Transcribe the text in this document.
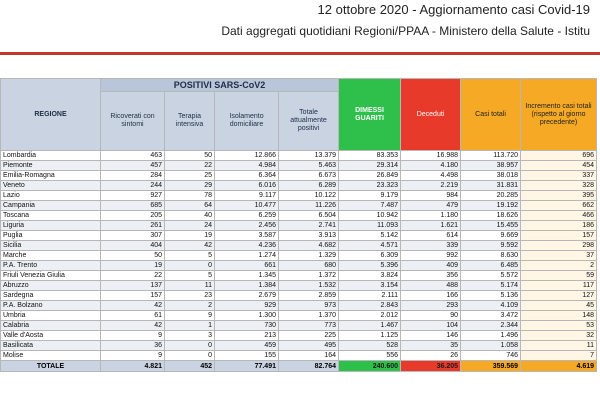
12 ottobre 2020 - Aggiornamento casi Covid-19
Dati aggregati quotidiani Regioni/PPAA - Ministero della Salute - Istitu
REGIONE	POSITIVI SARS-CoV2				DIMESSI GUARITI	Deceduti	Casi totali	Incremento casi totali (rispetto al giorno precedente)
	Ricoverati con sintomi	Terapia intensiva	Isolamento domiciliare	Totale attualmente positivi				
Lombardia	463	50	12.866	13.379	83.353	16.988	113.720	696
Piemonte	457	22	4.984	5.463	29.314	4.180	38.957	454
Emilia-Romagna	284	25	6.364	6.673	26.849	4.498	38.018	337
Veneto	244	29	6.016	6.289	23.323	2.219	31.831	328
Lazio	927	78	9.117	10.122	9.179	984	20.285	395
Campania	685	64	10.477	11.226	7.487	479	19.192	662
Toscana	205	40	6.259	6.504	10.942	1.180	18.626	466
Liguria	261	24	2.456	2.741	11.093	1.621	15.455	186
Puglia	307	19	3.587	3.913	5.142	614	9.669	157
Sicilia	404	42	4.236	4.682	4.571	339	9.592	298
Marche	50	5	1.274	1.329	6.309	992	8.630	37
P.A. Trento	19	0	661	680	5.396	409	6.485	2
Friuli Venezia Giulia	22	5	1.345	1.372	3.824	356	5.572	59
Abruzzo	137	11	1.384	1.532	3.154	488	5.174	117
Sardegna	157	23	2.679	2.859	2.111	166	5.136	127
P.A. Bolzano	42	2	929	973	2.843	293	4.109	45
Umbria	61	9	1.300	1.370	2.012	90	3.472	148
Calabria	42	1	730	773	1.467	104	2.344	53
Valle d'Aosta	9	3	213	225	1.125	146	1.496	32
Basilicata	36	0	459	495	528	35	1.058	11
Molise	9	0	155	164	556	26	746	7
TOTALE	4.821	452	77.491	82.764	240.600	36.205	359.569	4.619
